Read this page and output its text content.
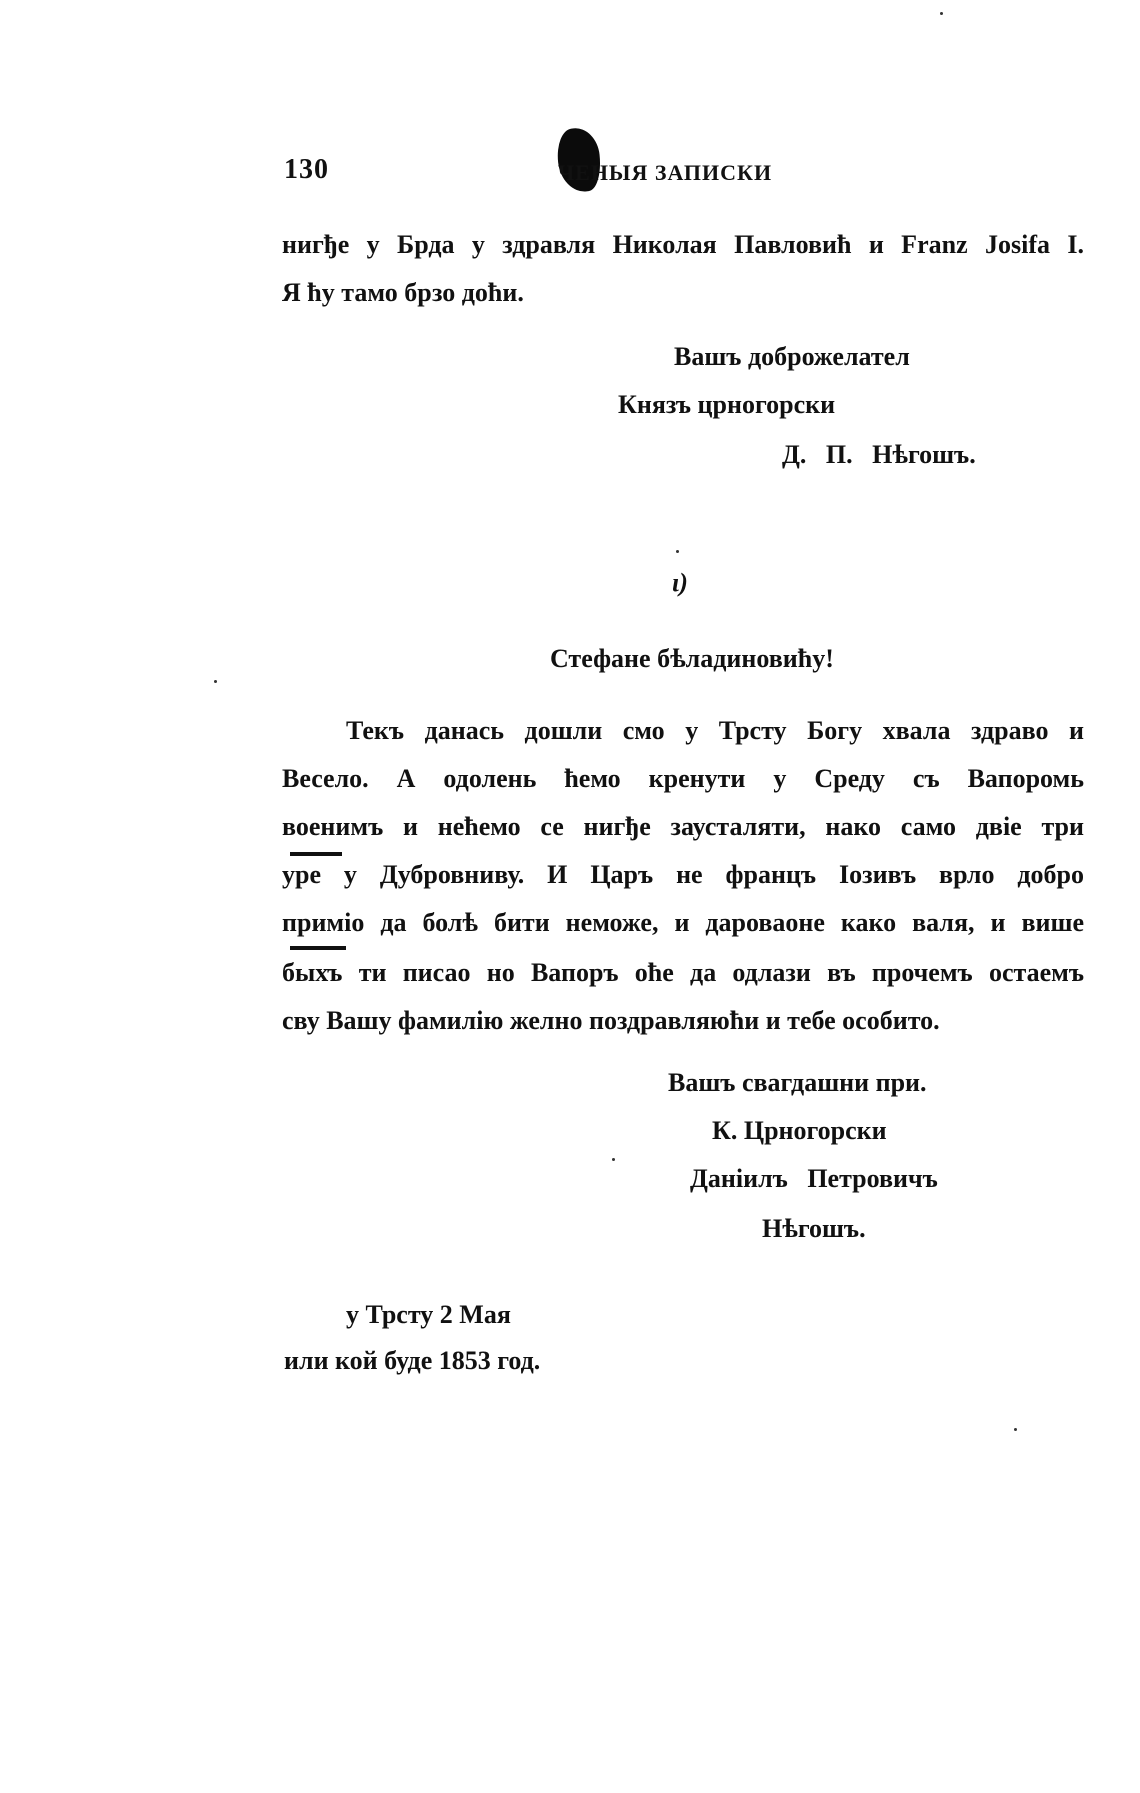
130	ЧЕНЫЯ ЗАПИСКИ
нигђе у Брда у здравля Николая Павловић и Franz Josifa I.
Я ћу тамо брзо доћи.
Вашъ доброжелател
Князъ црногорски
Д.   П.   Нѣгошъ.
ι)
Стефане бѣладиновићу!
Текъ данась дошли смо у Трсту Богу хвала здраво и
Весело. А одолень ћемо кренути у Среду съ Вапоромь
военимъ и нећемо се нигђе заусталяти, нако само двіе три
уре у Дубровниву. И Царъ не францъ Іозивъ врло добро
приміо да болѣ бити неможе, и дароваоне како валя, и више
быхъ ти писао но Вапоръ оће да одлази въ прочемъ остаемъ
сву Вашу фамилію желно поздравляюћи и тебе особито.
Вашъ свагдашни при.
К. Црногорски
Даніилъ   Петровичъ
Нѣгошъ.
у Трсту 2 Мая
или кой буде 1853 год.
